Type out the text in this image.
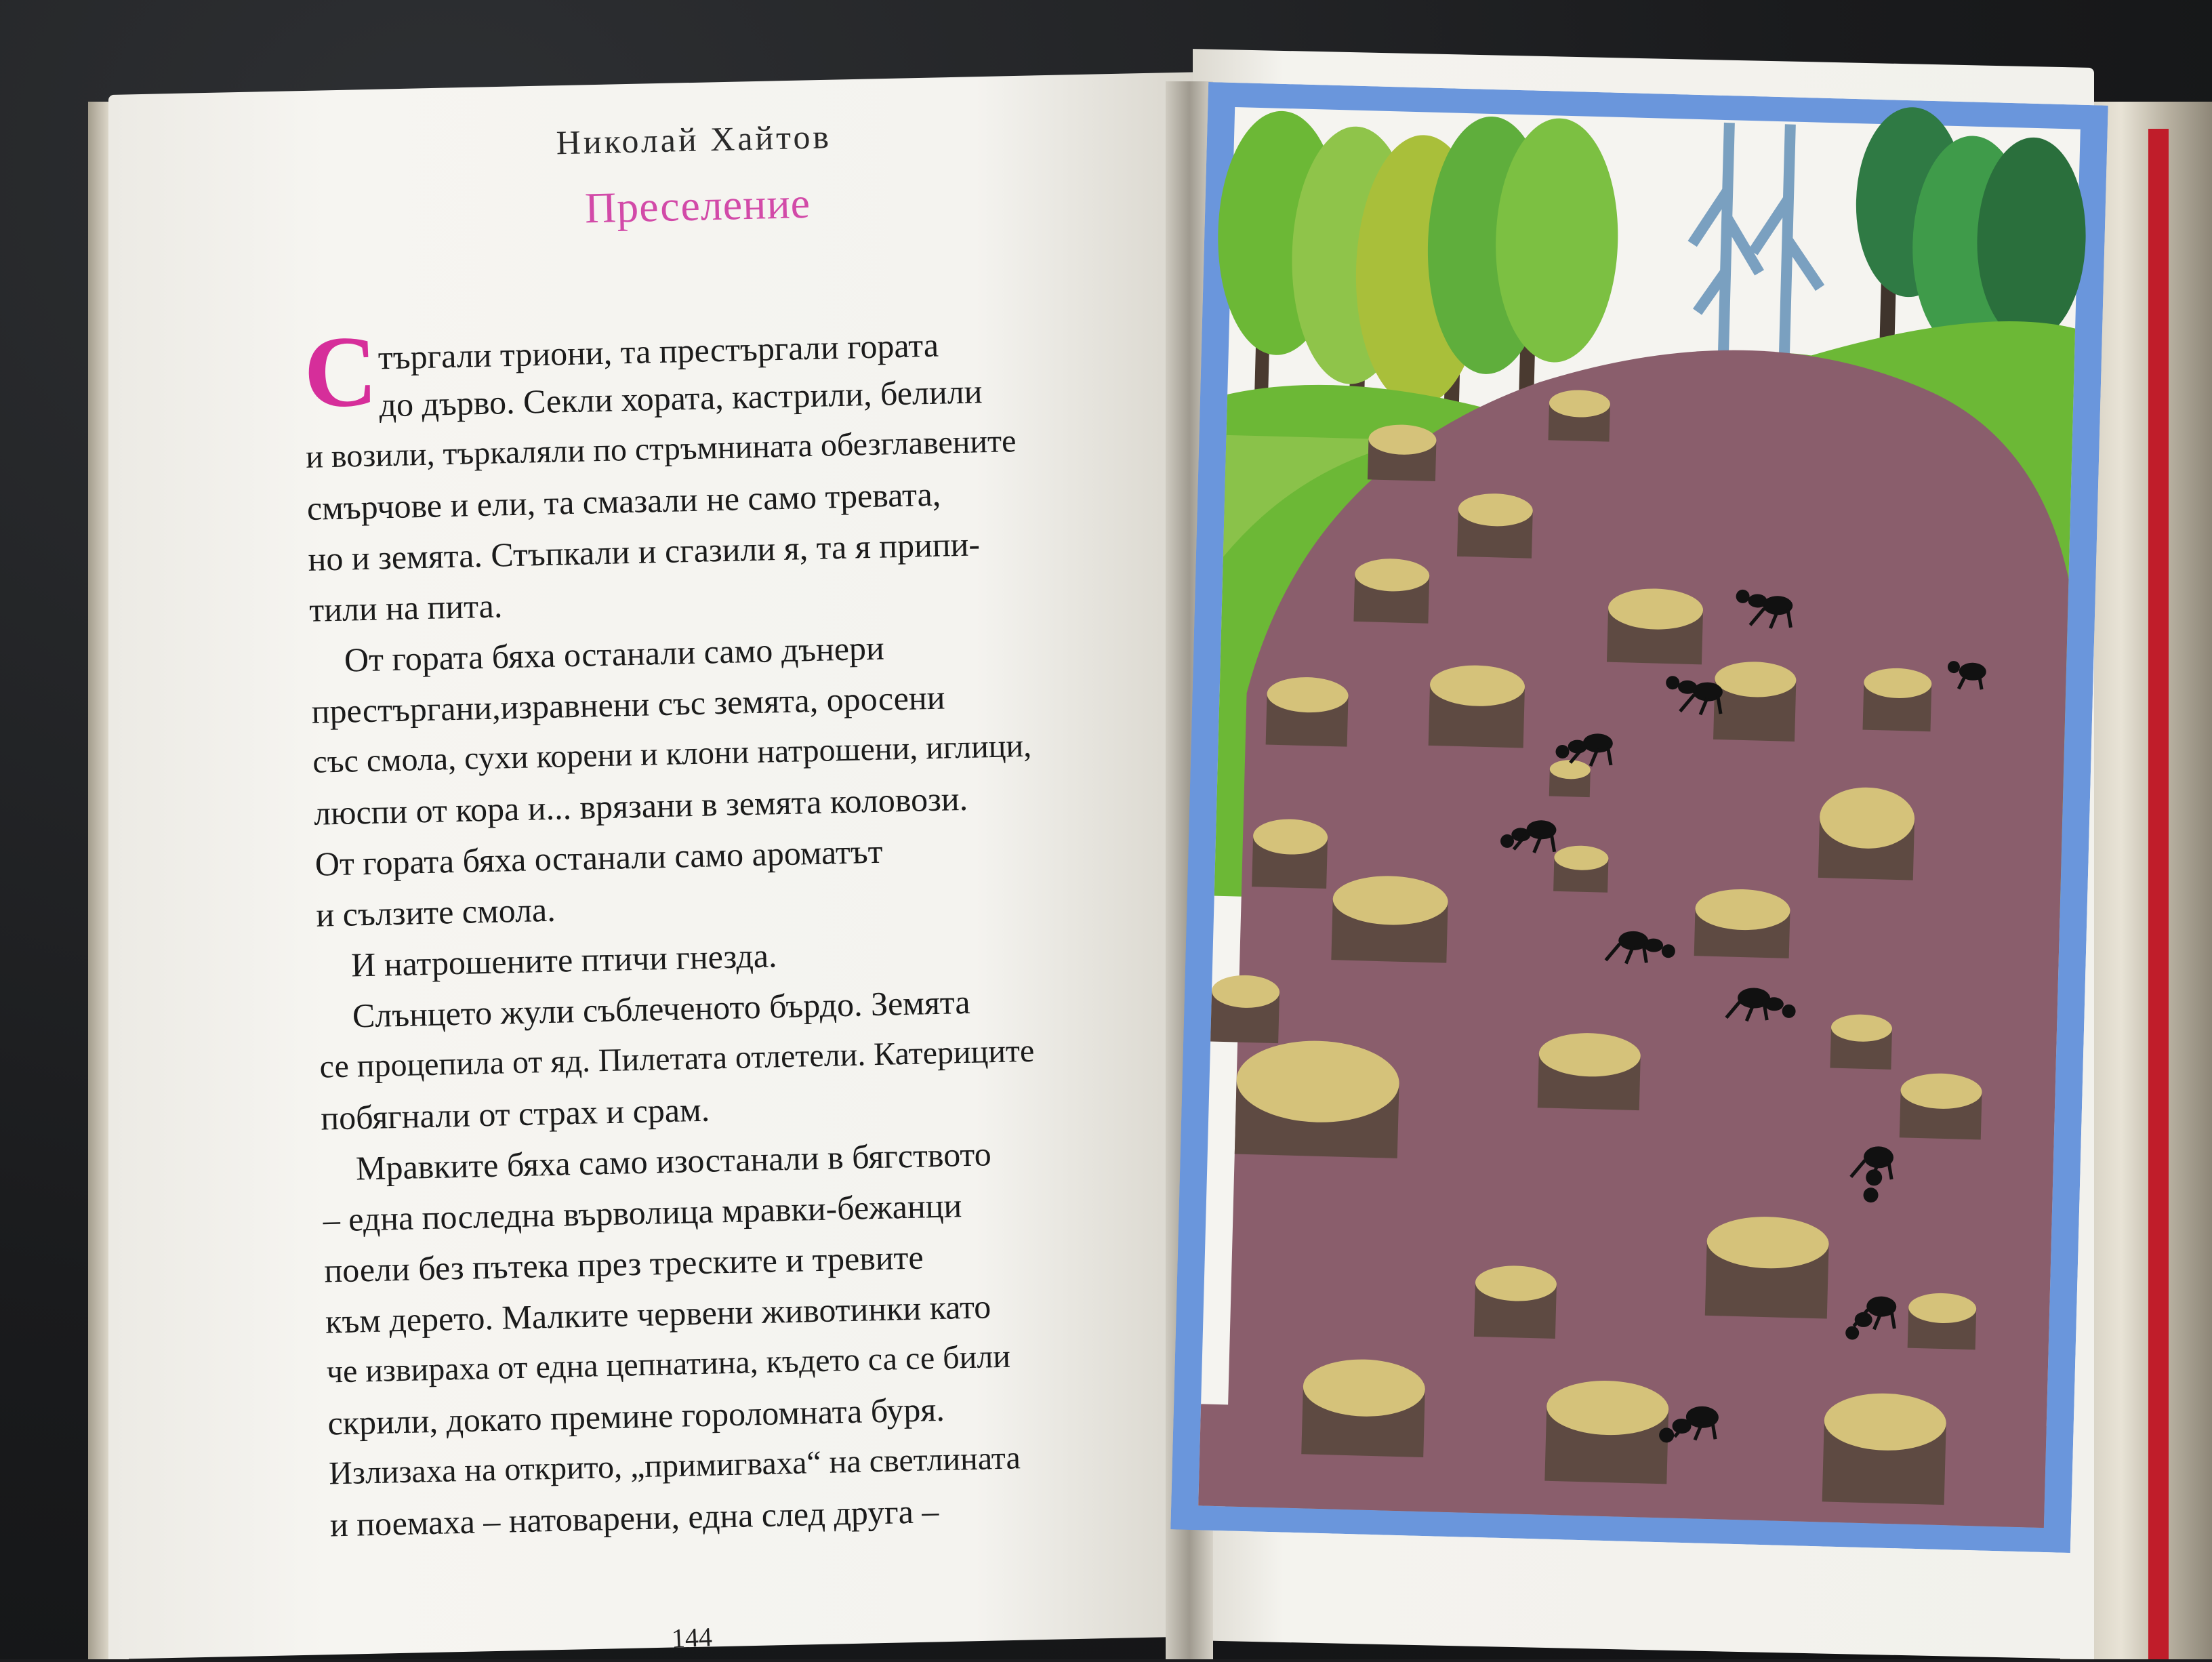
Николай Хайтов
Преселение
С
търгали триони, та престъргали гората
до дърво. Секли хората, кастрили, белили
и возили, търкаляли по стръмнината обезглавените
смърчове и ели, та смазали не само тревата,
но и земята. Стъпкали и сгазили я, та я припи-
тили на пита.
От гората бяха останали само дънери
престъргани,изравнени със земята, оросени
със смола, сухи корени и клони натрошени, иглици,
люспи от кора и... врязани в земята коловози.
От гората бяха останали само ароматът
и сълзите смола.
И натрошените птичи гнезда.
Слънцето жули съблеченото бърдо. Земята
се процепила от яд. Пилетата отлетели. Катериците
побягнали от страх и срам.
Мравките бяха само изостанали в бягството
– една последна върволица мравки-бежанци
поели без пътека през треските и тревите
към дерето. Малките червени животинки като
че извираха от една цепнатина, където са се били
скрили, докато премине гороломната буря.
Излизаха на открито, „примигваха“ на светлината
и поемаха – натоварени, една след друга –
144
